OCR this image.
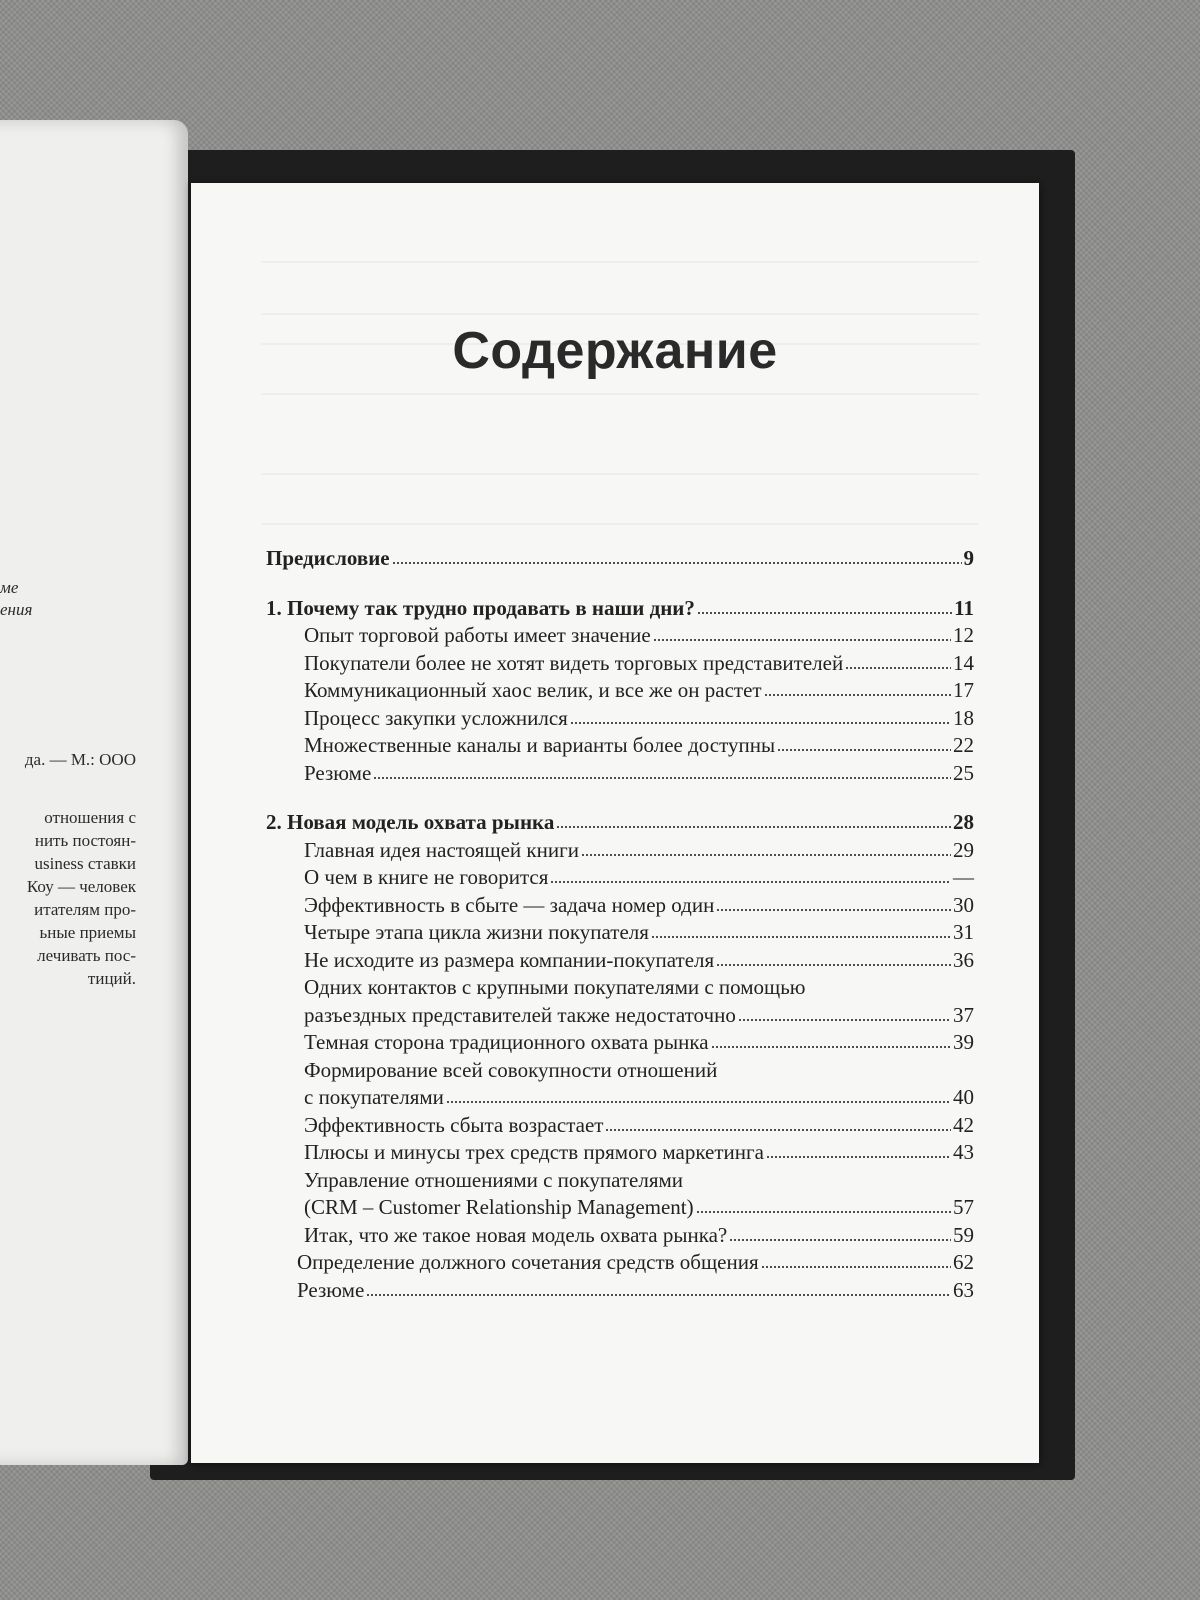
ме
ения
да. — М.: ООО
отношения с
нить постоян-
usiness ставки
Коу — человек
итателям про-
ьные приемы
лечивать пос-
тиций.
Содержание
Предисловие	9
1. Почему так трудно продавать в наши дни?	11
Опыт торговой работы имеет значение	12
Покупатели более не хотят видеть торговых представителей	14
Коммуникационный хаос велик, и все же он растет	17
Процесс закупки усложнился	18
Множественные каналы и варианты более доступны	22
Резюме	25
2. Новая модель охвата рынка	28
Главная идея настоящей книги	29
О чем в книге не говорится	—
Эффективность в сбыте — задача номер один	30
Четыре этапа цикла жизни покупателя	31
Не исходите из размера компании-покупателя	36
Одних контактов с крупными покупателями с помощью
разъездных представителей также недостаточно	37
Темная сторона традиционного охвата рынка	39
Формирование всей совокупности отношений
с покупателями	40
Эффективность сбыта возрастает	42
Плюсы и минусы трех средств прямого маркетинга	43
Управление отношениями с покупателями
(CRM – Customer Relationship Management)	57
Итак, что же такое новая модель охвата рынка?	59
Определение должного сочетания средств общения	62
Резюме	63
